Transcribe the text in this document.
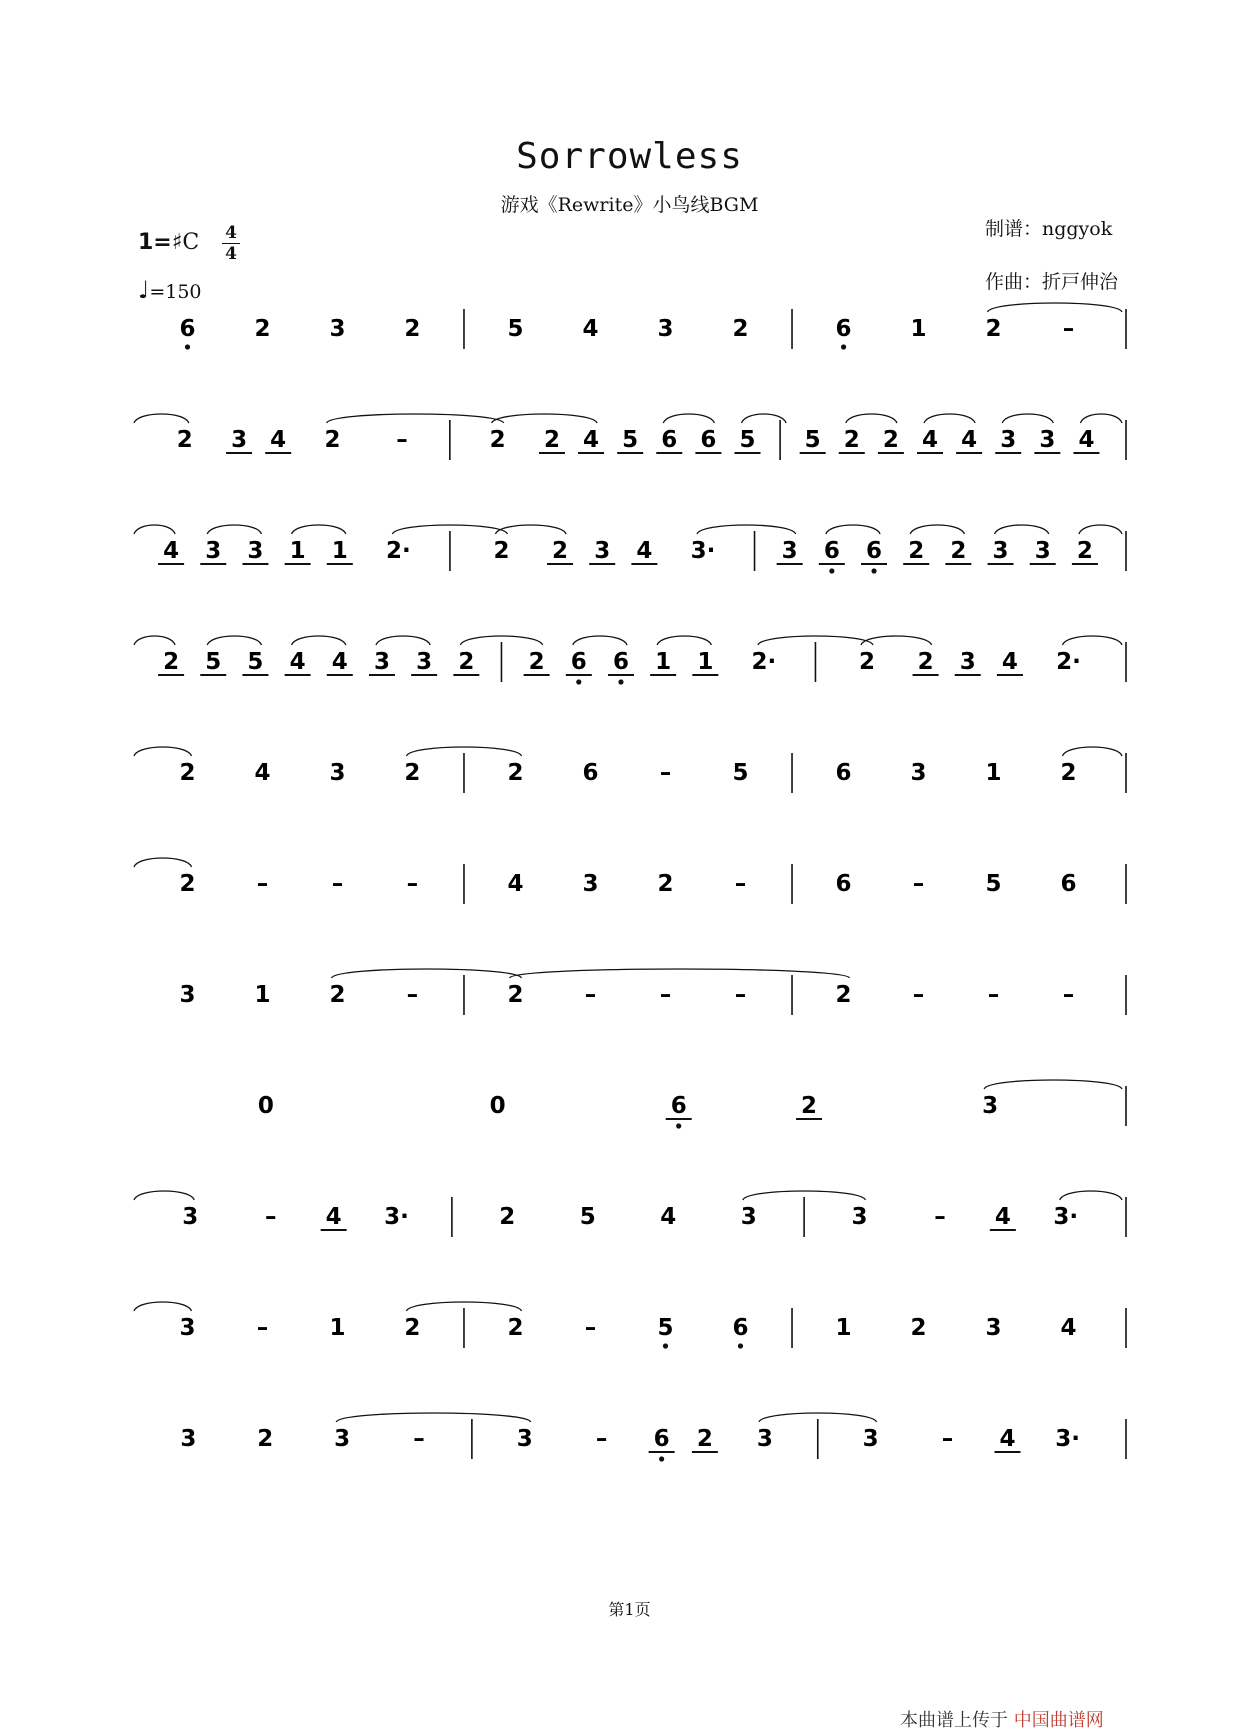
Sorrowless
游戏《Rewrite》小鸟线BGM
制谱：nggyok
作曲：折戸伸治
1=♯C 4
4
♩=150
6	2	3	2	5	4	3	2	6	1	2	–
2 3 4 2 –	2 2 4 5 6 6 5 5 2 2 4 4 3 3 4
4 3 3 1 1 2·	2 2 3 4 3·	3 6 6 2 2 3 3 2
2 5 5 4 4 3 3 2 2 6 6 1 1 2·	2 2 3 4 2·
2	4	3	2	2	6	–	5	6	3	1	2
2	–	–	–	4	3	2	–	6	–	5	6
3	1	2	–	2	–	–	–	2	–	–	–
0	0	6	2	3
3	– 4 3·	2	5	4	3	3	– 4 3·
3	–	1	2	2	–	5	6	1	2	3	4
3	2	3	–	3	– 6 2 3	3	– 4 3·
第1页
本曲谱上传于 中国曲谱网
